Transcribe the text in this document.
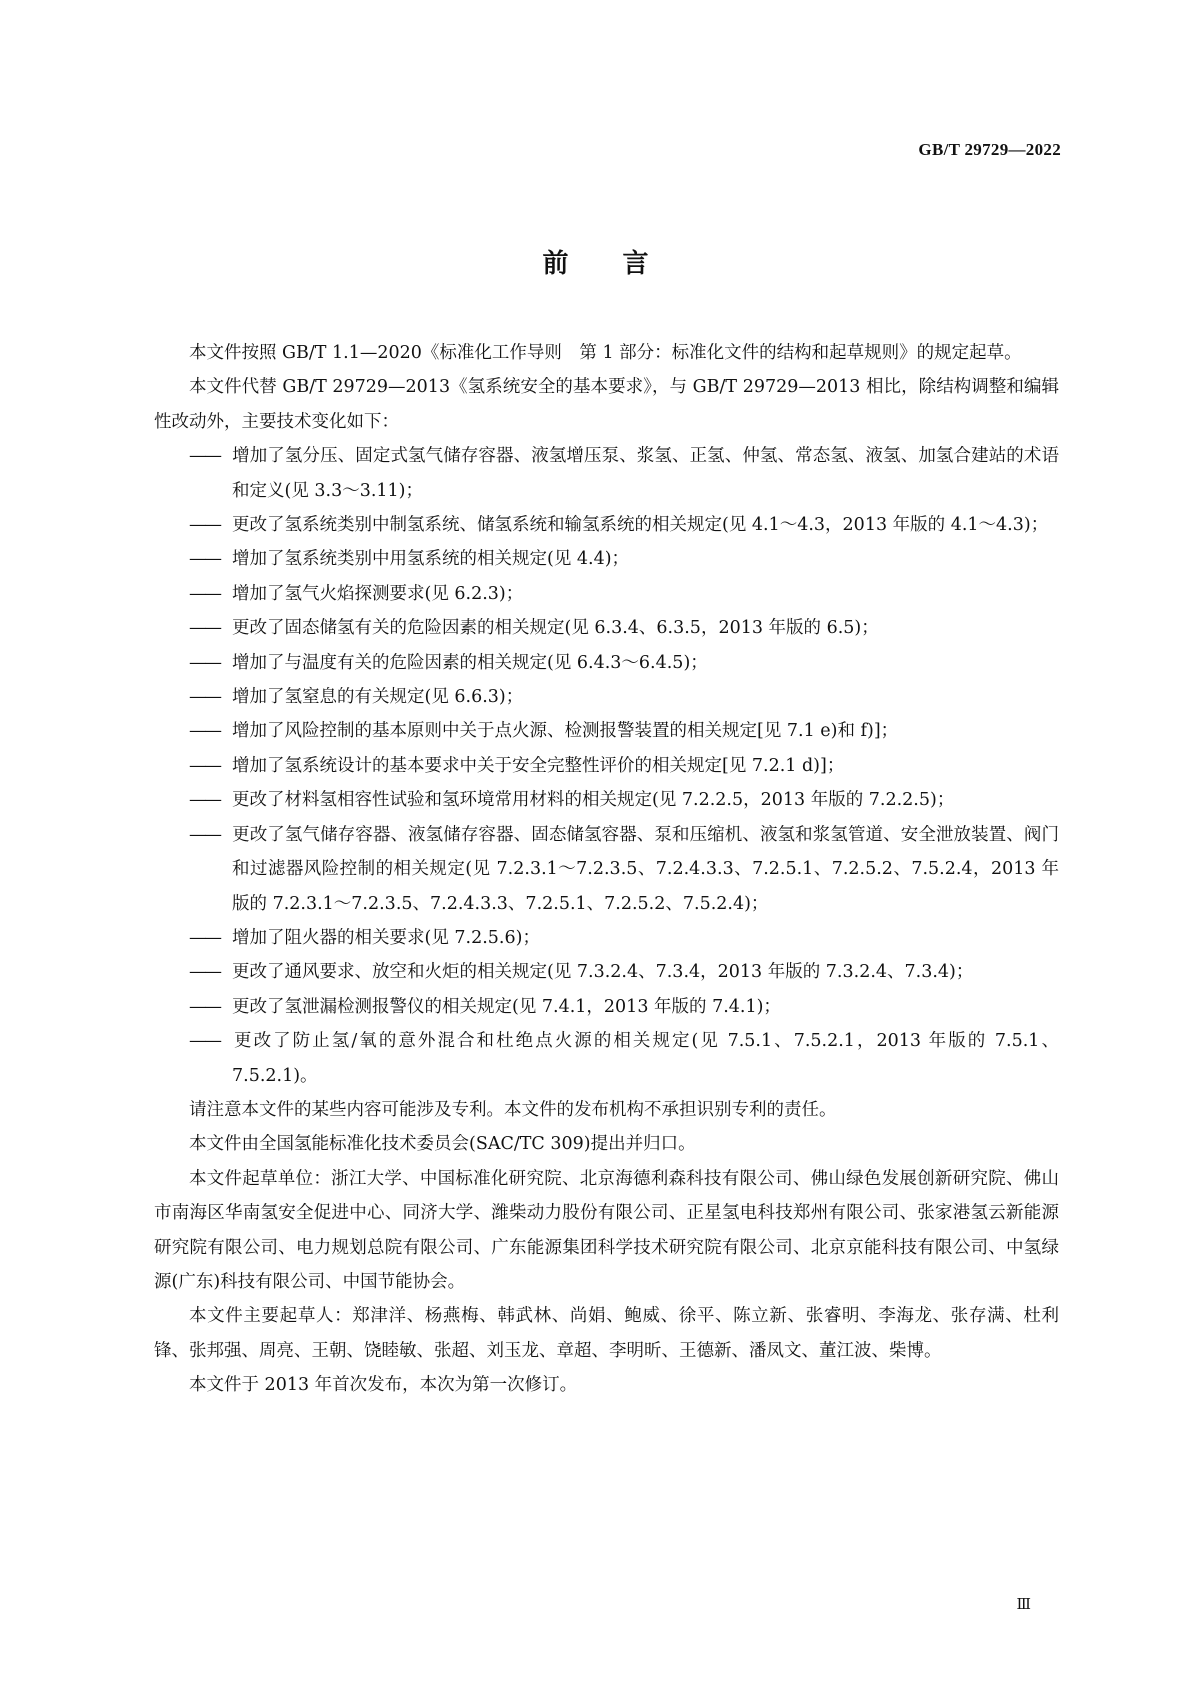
GB/T 29729—2022
前言

本文件按照 GB/T 1.1—2020《标准化工作导则　第 1 部分：标准化文件的结构和起草规则》的规定起草。

本文件代替 GB/T 29729—2013《氢系统安全的基本要求》，与 GB/T 29729—2013 相比，除结构调整和编辑性改动外，主要技术变化如下：

—— 增加了氢分压、固定式氢气储存容器、液氢增压泵、浆氢、正氢、仲氢、常态氢、液氢、加氢合建站的术语和定义(见 3.3～3.11)；

—— 更改了氢系统类别中制氢系统、储氢系统和输氢系统的相关规定(见 4.1～4.3，2013 年版的 4.1～4.3)；

—— 增加了氢系统类别中用氢系统的相关规定(见 4.4)；

—— 增加了氢气火焰探测要求(见 6.2.3)；

—— 更改了固态储氢有关的危险因素的相关规定(见 6.3.4、6.3.5，2013 年版的 6.5)；

—— 增加了与温度有关的危险因素的相关规定(见 6.4.3～6.4.5)；

—— 增加了氢窒息的有关规定(见 6.6.3)；

—— 增加了风险控制的基本原则中关于点火源、检测报警装置的相关规定[见 7.1 e)和 f)]；

—— 增加了氢系统设计的基本要求中关于安全完整性评价的相关规定[见 7.2.1 d)]；

—— 更改了材料氢相容性试验和氢环境常用材料的相关规定(见 7.2.2.5，2013 年版的 7.2.2.5)；

—— 更改了氢气储存容器、液氢储存容器、固态储氢容器、泵和压缩机、液氢和浆氢管道、安全泄放装置、阀门和过滤器风险控制的相关规定(见 7.2.3.1～7.2.3.5、7.2.4.3.3、7.2.5.1、7.2.5.2、7.5.2.4，2013 年版的 7.2.3.1～7.2.3.5、7.2.4.3.3、7.2.5.1、7.2.5.2、7.5.2.4)；

—— 增加了阻火器的相关要求(见 7.2.5.6)；

—— 更改了通风要求、放空和火炬的相关规定(见 7.3.2.4、7.3.4，2013 年版的 7.3.2.4、7.3.4)；

—— 更改了氢泄漏检测报警仪的相关规定(见 7.4.1，2013 年版的 7.4.1)；

—— 更改了防止氢/氧的意外混合和杜绝点火源的相关规定(见 7.5.1、7.5.2.1，2013 年版的 7.5.1、7.5.2.1)。

请注意本文件的某些内容可能涉及专利。本文件的发布机构不承担识别专利的责任。

本文件由全国氢能标准化技术委员会(SAC/TC 309)提出并归口。

本文件起草单位：浙江大学、中国标准化研究院、北京海德利森科技有限公司、佛山绿色发展创新研究院、佛山市南海区华南氢安全促进中心、同济大学、潍柴动力股份有限公司、正星氢电科技郑州有限公司、张家港氢云新能源研究院有限公司、电力规划总院有限公司、广东能源集团科学技术研究院有限公司、北京京能科技有限公司、中氢绿源(广东)科技有限公司、中国节能协会。

本文件主要起草人：郑津洋、杨燕梅、韩武林、尚娟、鲍威、徐平、陈立新、张睿明、李海龙、张存满、杜利锋、张邦强、周亮、王朝、饶睦敏、张超、刘玉龙、章超、李明昕、王德新、潘凤文、董江波、柴博。

本文件于 2013 年首次发布，本次为第一次修订。

Ⅲ
